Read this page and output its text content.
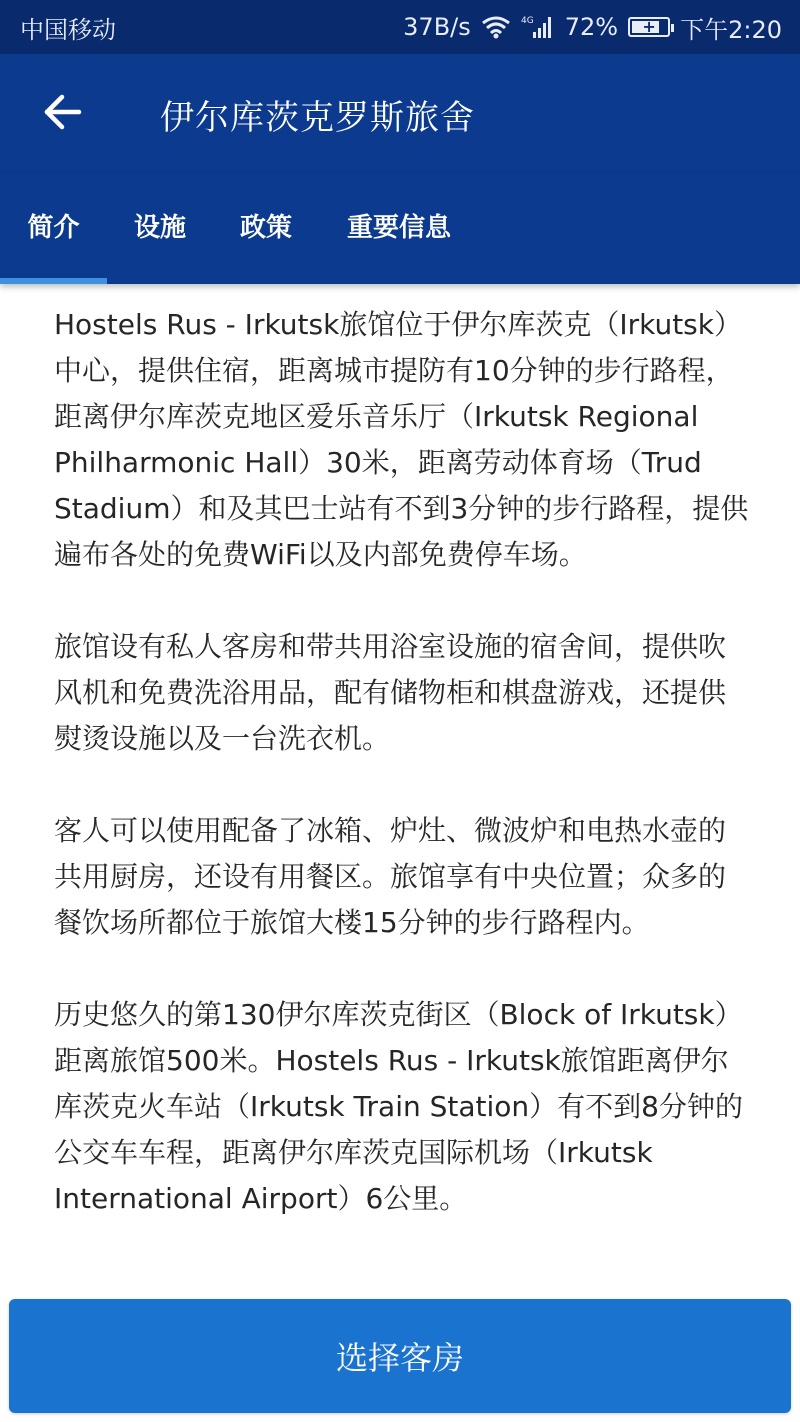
中国移动	37B/s	4G 72% + 下午2:20
伊尔库茨克罗斯旅舍
简介 设施 政策 重要信息

Hostels Rus - Irkutsk旅馆位于伊尔库茨克（Irkutsk）中心，提供住宿，距离城市提防有10分钟的步行路程，距离伊尔库茨克地区爱乐音乐厅（Irkutsk Regional Philharmonic Hall）30米，距离劳动体育场（Trud Stadium）和及其巴士站有不到3分钟的步行路程，提供遍布各处的免费WiFi以及内部免费停车场。

旅馆设有私人客房和带共用浴室设施的宿舍间，提供吹风机和免费洗浴用品，配有储物柜和棋盘游戏，还提供熨烫设施以及一台洗衣机。

客人可以使用配备了冰箱、炉灶、微波炉和电热水壶的共用厨房，还设有用餐区。旅馆享有中央位置；众多的餐饮场所都位于旅馆大楼15分钟的步行路程内。

历史悠久的第130伊尔库茨克街区（Block of Irkutsk）距离旅馆500米。Hostels Rus - Irkutsk旅馆距离伊尔库茨克火车站（Irkutsk Train Station）有不到8分钟的公交车车程，距离伊尔库茨克国际机场（Irkutsk International Airport）6公里。

选择客房
